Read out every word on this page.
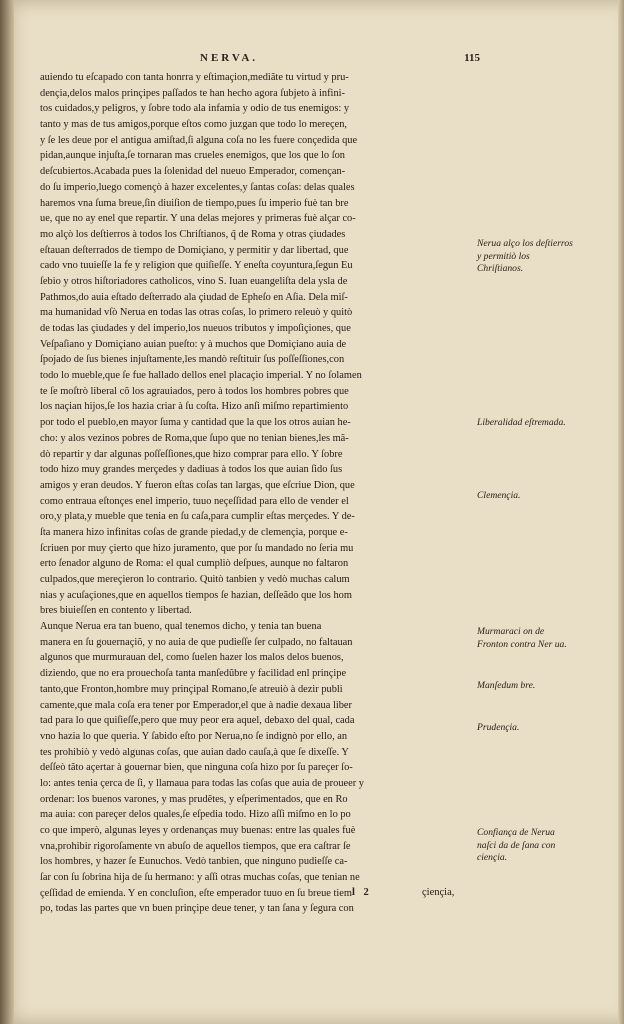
NERVA.	115
auiendo tu eſcapado con tanta honrra y eſtimaçion,mediãte tu virtud y pru-
dençia,delos malos prinçipes paſſados te han hecho agora ſubjeto à infini-
tos cuidados,y peligros, y ſobre todo ala infamia y odio de tus enemigos: y
tanto y mas de tus amigos,porque eſtos como juzgan que todo lo mereçen,
y ſe les deue por el antigua amiſtad,ſi alguna coſa no les fuere conçedida que
pidan,aunque injuſta,ſe tornaran mas crueles enemigos, que los que lo ſon
deſcubiertos.Acabada pues la ſolenidad del nueuo Emperador, començan-
do ſu imperio,luego començò à hazer excelentes,y ſantas coſas: delas quales
haremos vna ſuma breue,ſin diuiſion de tiempo,pues ſu imperio fuè tan bre
ue, que no ay enel que repartir. Y una delas mejores y primeras fuè alçar co-
mo alçò los deſtierros à todos los Chriſtianos, q̃ de Roma y otras çiudades
eſtauan deſterrados de tiempo de Domiçiano, y permitir y dar libertad, que
cado vno tuuieſſe la fe y religion que quiſieſſe. Y eneſta coyuntura,ſegun Eu
ſebio y otros hiſtoriadores catholicos, vino S. Iuan euangeliſta dela ysla de
Pathmos,do auia eſtado deſterrado ala çiudad de Epheſo en Aſia. Dela miſ-
ma humanidad vſò Nerua en todas las otras coſas, lo primero releuò y quitò
de todas las çiudades y del imperio,los nueuos tributos y impoſiçiones, que
Veſpaſiano y Domiçiano auian pueſto: y à muchos que Domiçiano auia de
ſpojado de ſus bienes injuſtamente,les mandò reſtituir ſus poſſeſſiones,con
todo lo mueble,que ſe fue hallado dellos enel placaçio imperial. Y no ſolamen
te ſe moſtrò liberal cõ los agrauiados, pero à todos los hombres pobres que
los naçian hijos,ſe los hazia criar à ſu coſta. Hizo anſi miſmo repartimiento
por todo el pueblo,en mayor ſuma y cantidad que la que los otros auian he-
cho: y alos vezinos pobres de Roma,que ſupo que no tenian bienes,les mã-
dò repartir y dar algunas poſſeſſiones,que hizo comprar para ello. Y ſobre
todo hizo muy grandes merçedes y dadiuas à todos los que auian ſido ſus
amigos y eran deudos. Y fueron eſtas coſas tan largas, que eſcriue Dion, que
como entraua eſtonçes enel imperio, tuuo neçeſſidad para ello de vender el
oro,y plata,y mueble que tenia en ſu caſa,para cumplir eſtas merçedes. Y de-
ſta manera hizo infinitas coſas de grande piedad,y de clemençia, porque e-
ſcriuen por muy çierto que hizo juramento, que por ſu mandado no ſeria mu
erto ſenador alguno de Roma: el qual cumpliò deſpues, aunque no faltaron
culpados,que mereçieron lo contrario. Quitò tanbien y vedò muchas calum
nias y acuſaçiones,que en aquellos tiempos ſe hazian, deſſeãdo que los hom
bres biuieſſen en contento y libertad.
Aunque Nerua era tan bueno, qual tenemos dicho, y tenia tan buena
manera en ſu gouernaçiõ, y no auia de que pudieſſe ſer culpado, no faltauan
algunos que murmurauan del, como ſuelen hazer los malos delos buenos,
diziendo, que no era prouechoſa tanta manſedũbre y facilidad enl prinçipe
tanto,que Fronton,hombre muy prinçipal Romano,ſe atreuiò à dezir publi
camente,que mala coſa era tener por Emperador,el que à nadie dexaua liber
tad para lo que quiſieſſe,pero que muy peor era aquel, debaxo del qual, cada
vno hazia lo que queria. Y ſabido eſto por Nerua,no ſe indignò por ello, an
tes prohibiò y vedò algunas coſas, que auian dado cauſa,à que ſe dixeſſe. Y
deſſeò tãto açertar à gouernar bien, que ninguna coſa hizo por ſu pareçer ſo-
lo: antes tenia çerca de ſi, y llamaua para todas las coſas que auia de proueer y
ordenar: los buenos varones, y mas prudẽtes, y eſperimentados, que en Ro
ma auia: con pareçer delos quales,ſe eſpedia todo. Hizo aſſi miſmo en lo po
co que imperò, algunas leyes y ordenanças muy buenas: entre las quales fuè
vna,prohibir rigoroſamente vn abuſo de aquellos tiempos, que era caſtrar ſe
los hombres, y hazer ſe Eunuchos. Vedò tanbien, que ninguno pudieſſe ca-
ſar con ſu ſobrina hija de ſu hermano: y aſſi otras muchas coſas, que tenian ne
çeſſidad de emienda. Y en concluſion, eſte emperador tuuo en ſu breue tiem
po, todas las partes que vn buen prinçipe deue tener, y tan ſana y ſegura con
Nerua alço los deſtierros y permitiò los Chriſtianos.
Liberalidad eſtremada.
Clemençia.
Murmaraci on de Fronton contra Ner ua.
Manſedum bre.
Prudençia.
Confiança de Nerua naſci da de ſana con ciençia.
l 2	çiençia,
